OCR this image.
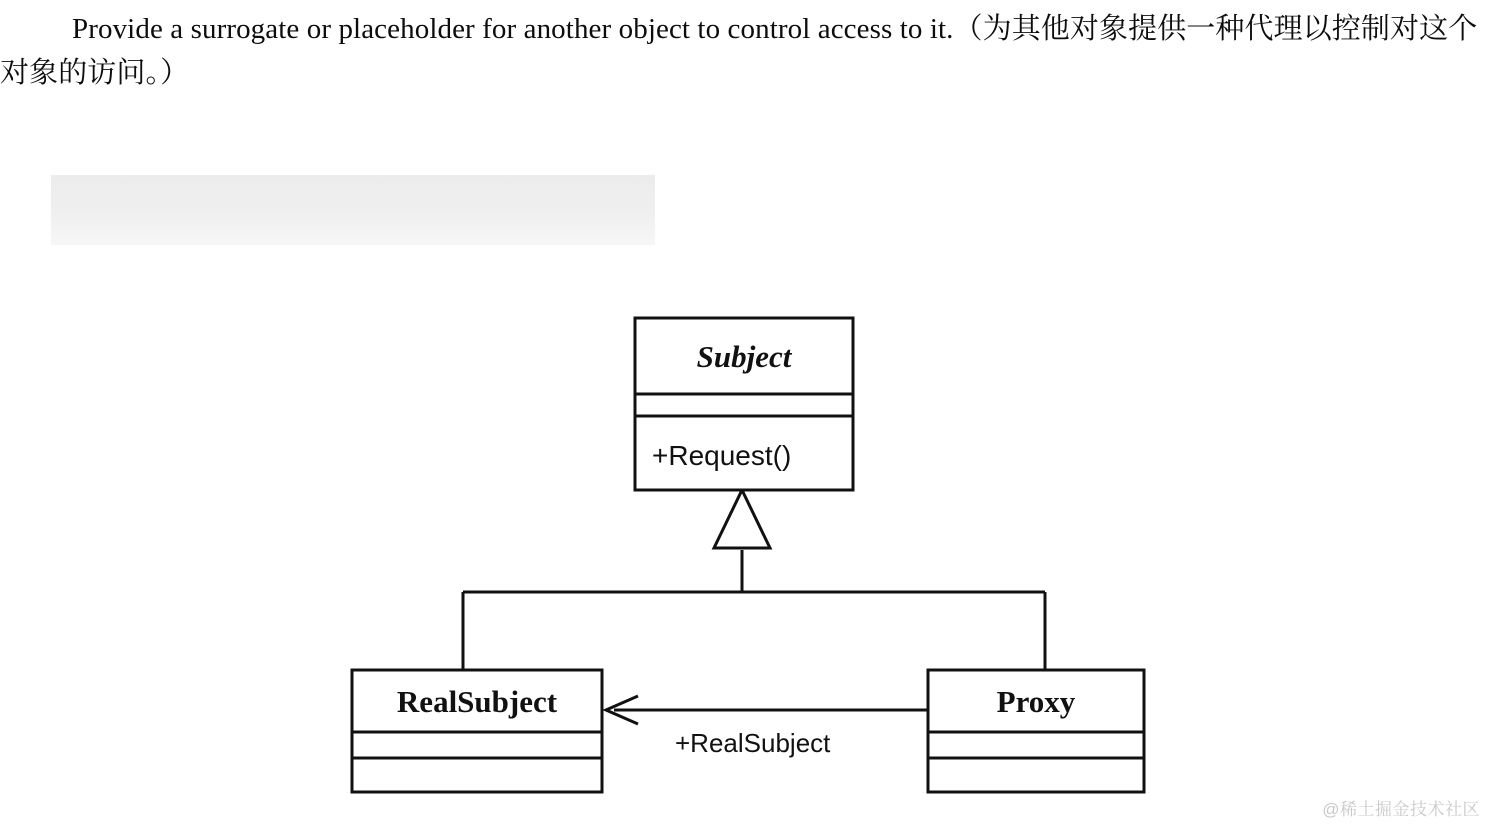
Provide a surrogate or placeholder for another object to control access to it.（为其他对象提供一种代理以控制对这个对象的访问。）
Subject
+Request()
RealSubject	Proxy
+RealSubject
@稀土掘金技术社区
